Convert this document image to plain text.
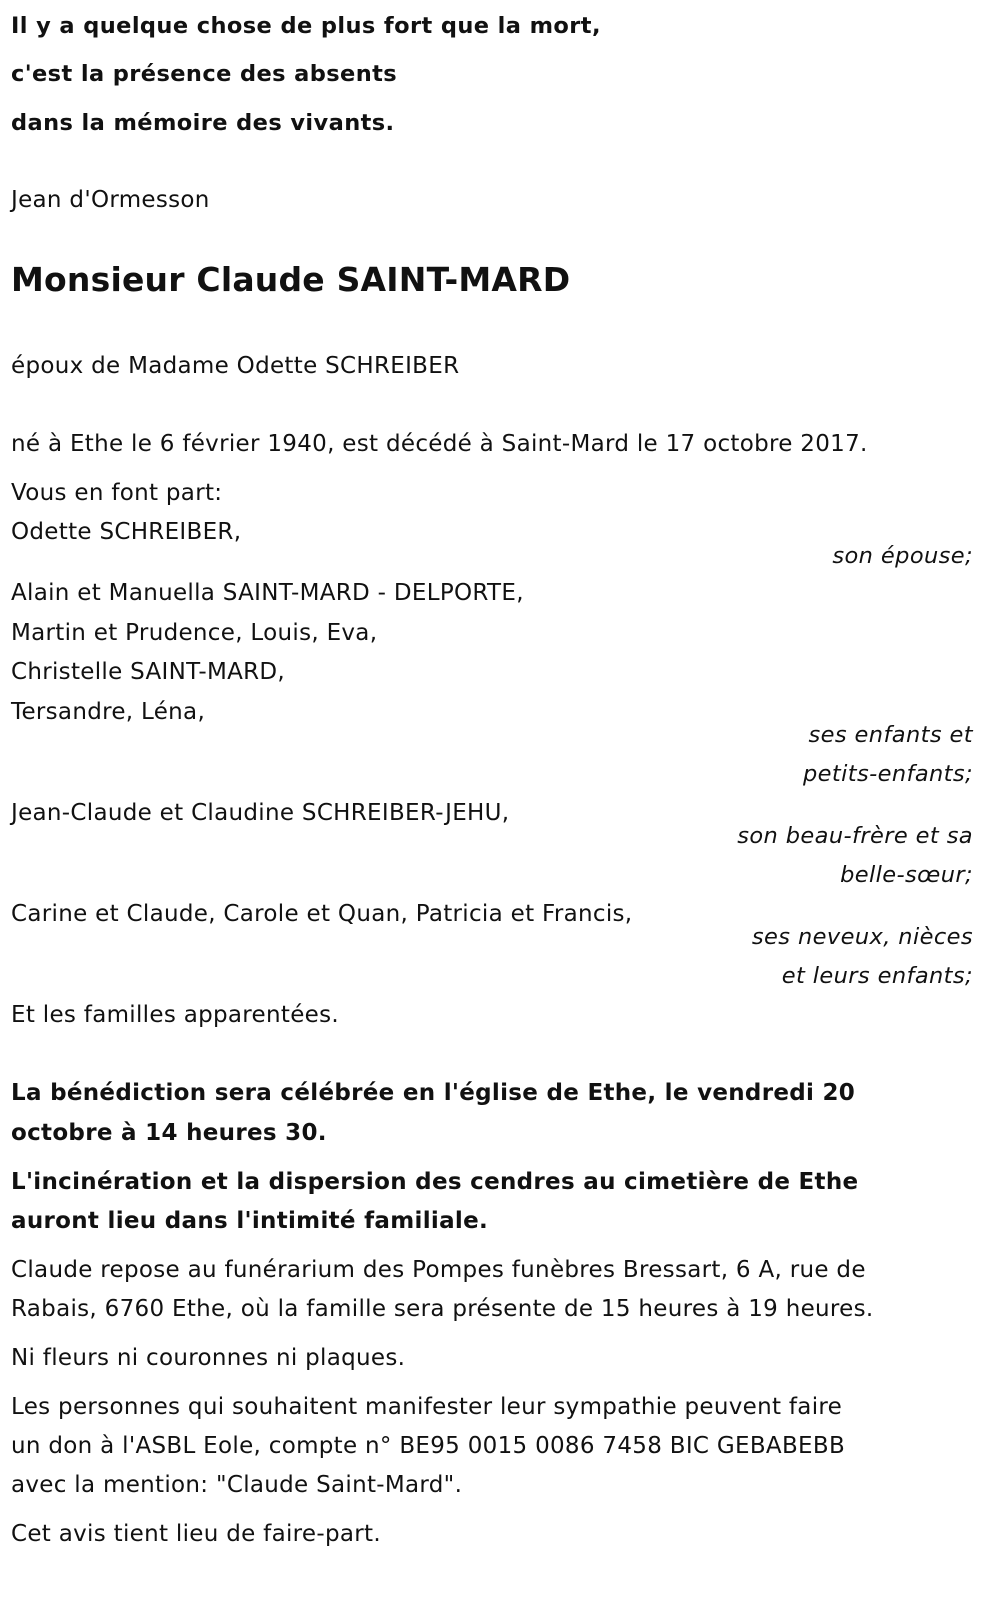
Il y a quelque chose de plus fort que la mort,

c'est la présence des absents

dans la mémoire des vivants.

Jean d'Ormesson

Monsieur Claude SAINT-MARD

époux de Madame Odette SCHREIBER

né à Ethe le 6 février 1940, est décédé à Saint-Mard le 17 octobre 2017.

Vous en font part:

Odette SCHREIBER,

son épouse;

Alain et Manuella SAINT-MARD - DELPORTE,

Martin et Prudence, Louis, Eva,

Christelle SAINT-MARD,

Tersandre, Léna,

ses enfants et

petits-enfants;

Jean-Claude et Claudine SCHREIBER-JEHU,

son beau-frère et sa

belle-sœur;

Carine et Claude, Carole et Quan, Patricia et Francis,

ses neveux, nièces

et leurs enfants;

Et les familles apparentées.

La bénédiction sera célébrée en l'église de Ethe, le vendredi 20

octobre à 14 heures 30.

L'incinération et la dispersion des cendres au cimetière de Ethe

auront lieu dans l'intimité familiale.

Claude repose au funérarium des Pompes funèbres Bressart, 6 A, rue de

Rabais, 6760 Ethe, où la famille sera présente de 15 heures à 19 heures.

Ni fleurs ni couronnes ni plaques.

Les personnes qui souhaitent manifester leur sympathie peuvent faire

un don à l'ASBL Eole, compte n° BE95 0015 0086 7458 BIC GEBABEBB

avec la mention: "Claude Saint-Mard".

Cet avis tient lieu de faire-part.
